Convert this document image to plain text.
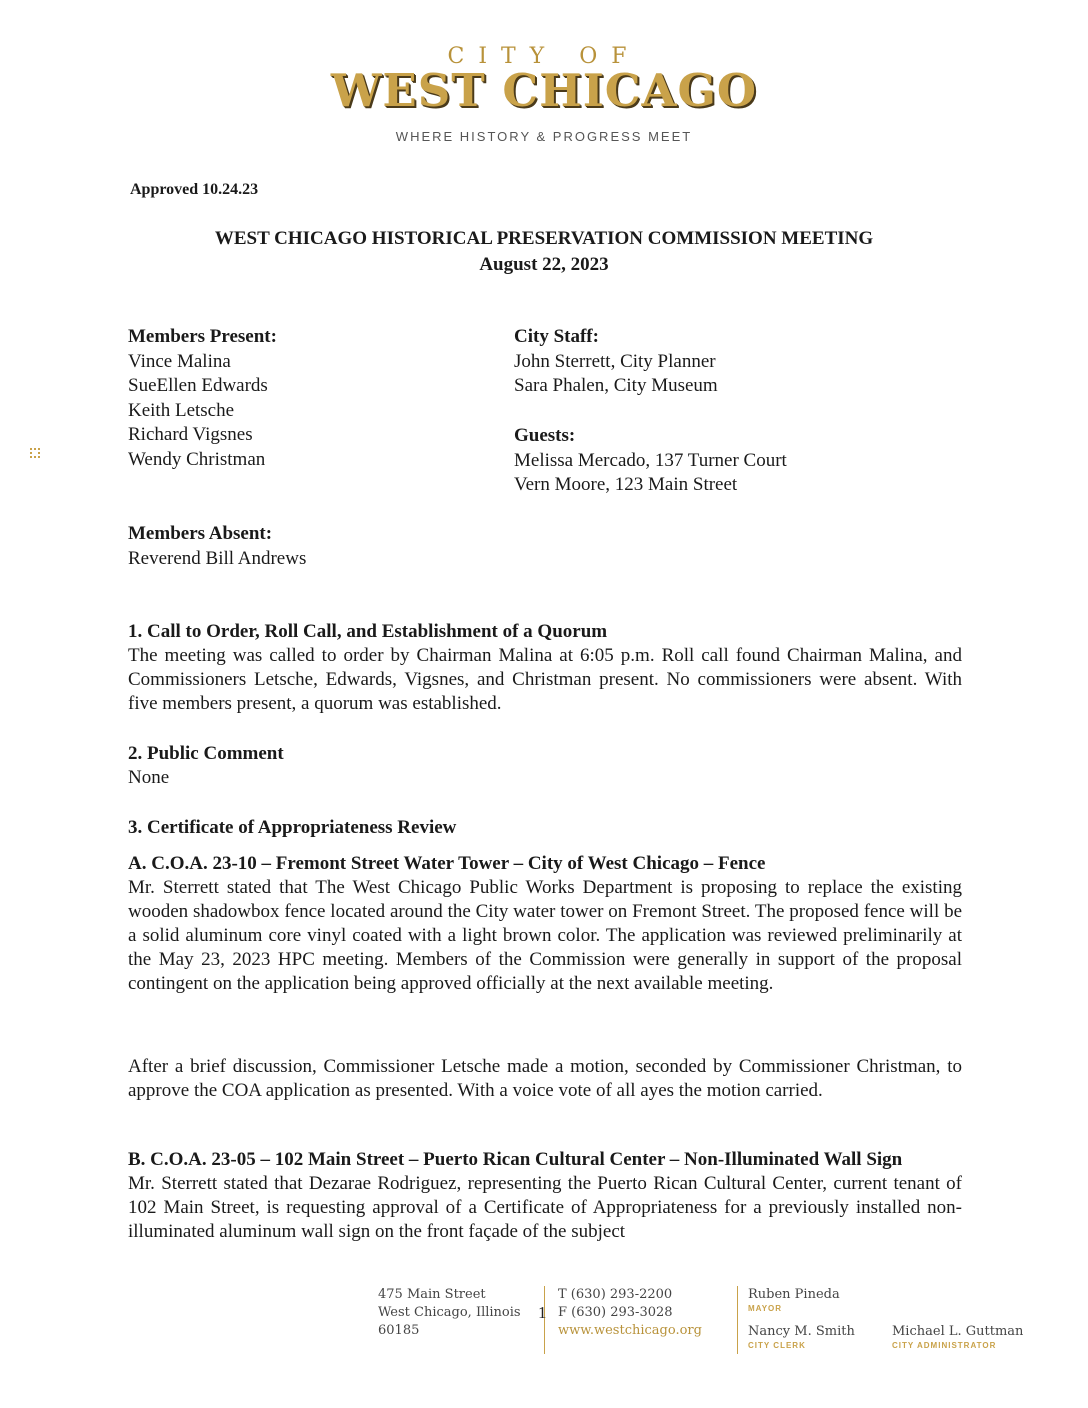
CITY OF
WEST CHICAGO
WHERE HISTORY & PROGRESS MEET
Approved 10.24.23
WEST CHICAGO HISTORICAL PRESERVATION COMMISSION MEETING
August 22, 2023
Members Present:
Vince Malina
SueEllen Edwards
Keith Letsche
Richard Vigsnes
Wendy Christman
City Staff:
John Sterrett, City Planner
Sara Phalen, City Museum
Guests:
Melissa Mercado, 137 Turner Court
Vern Moore, 123 Main Street
Members Absent:
Reverend Bill Andrews
1. Call to Order, Roll Call, and Establishment of a Quorum
The meeting was called to order by Chairman Malina at 6:05 p.m. Roll call found Chairman Malina, and Commissioners Letsche, Edwards, Vigsnes, and Christman present. No commissioners were absent. With five members present, a quorum was established.
2. Public Comment
None
3. Certificate of Appropriateness Review
A. C.O.A. 23-10 – Fremont Street Water Tower – City of West Chicago – Fence
Mr. Sterrett stated that The West Chicago Public Works Department is proposing to replace the existing wooden shadowbox fence located around the City water tower on Fremont Street. The proposed fence will be a solid aluminum core vinyl coated with a light brown color. The application was reviewed preliminarily at the May 23, 2023 HPC meeting. Members of the Commission were generally in support of the proposal contingent on the application being approved officially at the next available meeting.
After a brief discussion, Commissioner Letsche made a motion, seconded by Commissioner Christman, to approve the COA application as presented. With a voice vote of all ayes the motion carried.
B. C.O.A. 23-05 – 102 Main Street – Puerto Rican Cultural Center – Non-Illuminated Wall Sign
Mr. Sterrett stated that Dezarae Rodriguez, representing the Puerto Rican Cultural Center, current tenant of 102 Main Street, is requesting approval of a Certificate of Appropriateness for a previously installed non-illuminated aluminum wall sign on the front façade of the subject
475 Main Street
West Chicago, Illinois
60185
1
T (630) 293-2200
F (630) 293-3028
www.westchicago.org
Ruben Pineda
MAYOR
Nancy M. Smith
CITY CLERK
Michael L. Guttman
CITY ADMINISTRATOR
